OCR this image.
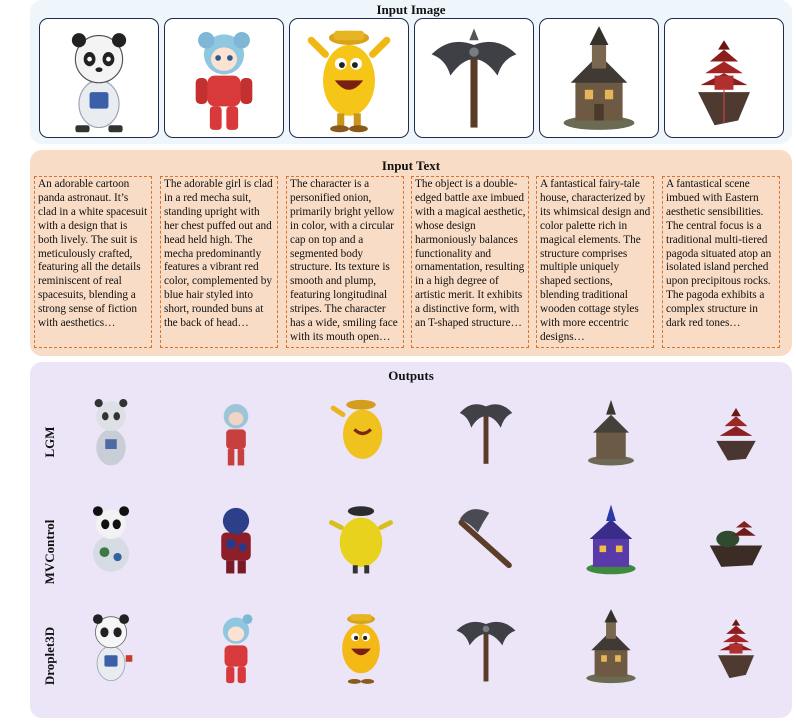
Input Image
Input Text
An adorable cartoon panda astronaut. It’s clad in a white spacesuit with a design that is both lively. The suit is meticulously crafted, featuring all the details reminiscent of real spacesuits, blending a strong sense of fiction with aesthetics…
The adorable girl is clad in a red mecha suit, standing upright with her chest puffed out and head held high. The mecha predominantly features a vibrant red color, complemented by blue hair styled into short, rounded buns at the back of head…
The character is a personified onion, primarily bright yellow in color, with a circular cap on top and a segmented body structure. Its texture is smooth and plump, featuring longitudinal stripes. The character has a wide, smiling face with its mouth open…
The object is a double-edged battle axe imbued with a magical aesthetic, whose design harmoniously balances functionality and ornamentation, resulting in a high degree of artistic merit. It exhibits a distinctive form, with an T-shaped structure…
A fantastical fairy-tale house, characterized by its whimsical design and color palette rich in magical elements. The structure comprises multiple uniquely shaped sections, blending traditional wooden cottage styles with more eccentric designs…
A fantastical scene imbued with Eastern aesthetic sensibilities. The central focus is a traditional multi-tiered pagoda situated atop an isolated island perched upon precipitous rocks. The pagoda exhibits a complex structure in dark red tones…
Outputs
LGM
MVControl
Droplet3D
